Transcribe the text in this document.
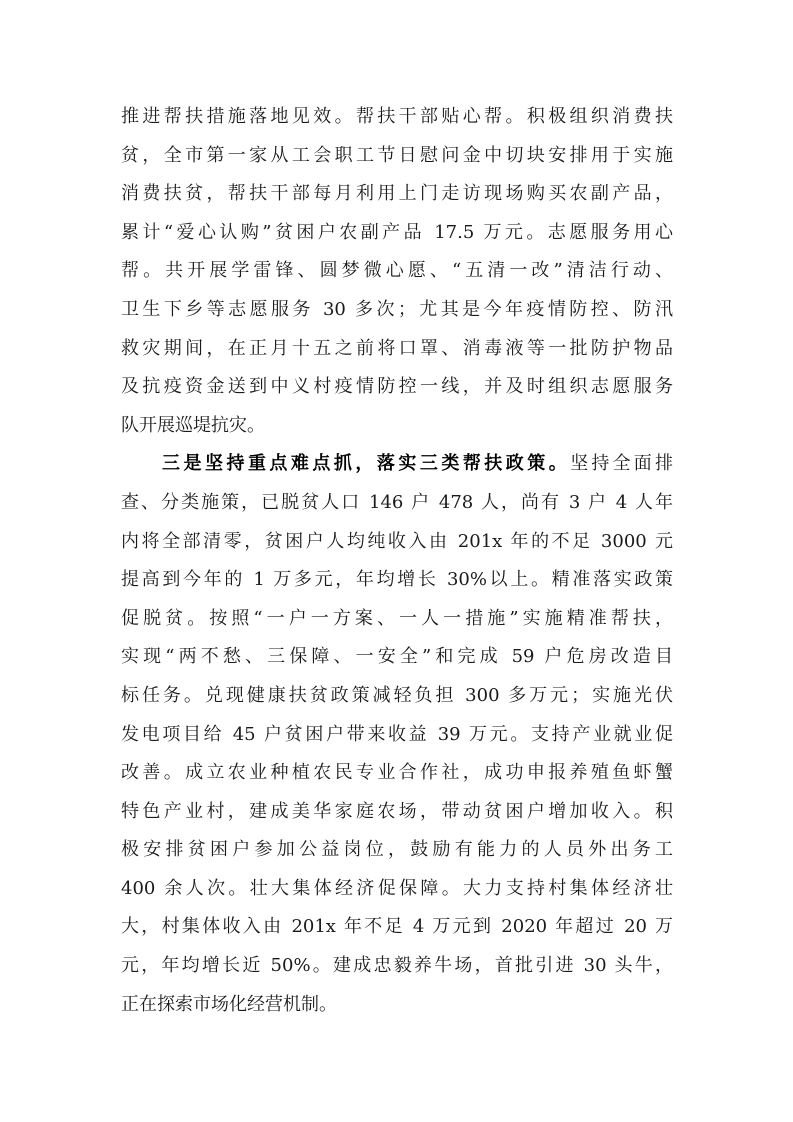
推进帮扶措施落地见效。帮扶干部贴心帮。积极组织消费扶
贫，全市第一家从工会职工节日慰问金中切块安排用于实施
消费扶贫，帮扶干部每月利用上门走访现场购买农副产品，
累计“爱心认购”贫困户农副产品 17.5 万元。志愿服务用心
帮。共开展学雷锋、圆梦微心愿、“五清一改”清洁行动、
卫生下乡等志愿服务 30 多次；尤其是今年疫情防控、防汛
救灾期间，在正月十五之前将口罩、消毒液等一批防护物品
及抗疫资金送到中义村疫情防控一线，并及时组织志愿服务
队开展巡堤抗灾。
三是坚持重点难点抓，落实三类帮扶政策。坚持全面排
查、分类施策，已脱贫人口 146 户 478 人，尚有 3 户 4 人年
内将全部清零，贫困户人均纯收入由 201x 年的不足 3000 元
提高到今年的 1 万多元，年均增长 30%以上。精准落实政策
促脱贫。按照“一户一方案、一人一措施”实施精准帮扶，
实现“两不愁、三保障、一安全”和完成 59 户危房改造目
标任务。兑现健康扶贫政策减轻负担 300 多万元；实施光伏
发电项目给 45 户贫困户带来收益 39 万元。支持产业就业促
改善。成立农业种植农民专业合作社，成功申报养殖鱼虾蟹
特色产业村，建成美华家庭农场，带动贫困户增加收入。积
极安排贫困户参加公益岗位，鼓励有能力的人员外出务工
400 余人次。壮大集体经济促保障。大力支持村集体经济壮
大，村集体收入由 201x 年不足 4 万元到 2020 年超过 20 万
元，年均增长近 50%。建成忠毅养牛场，首批引进 30 头牛，
正在探索市场化经营机制。
